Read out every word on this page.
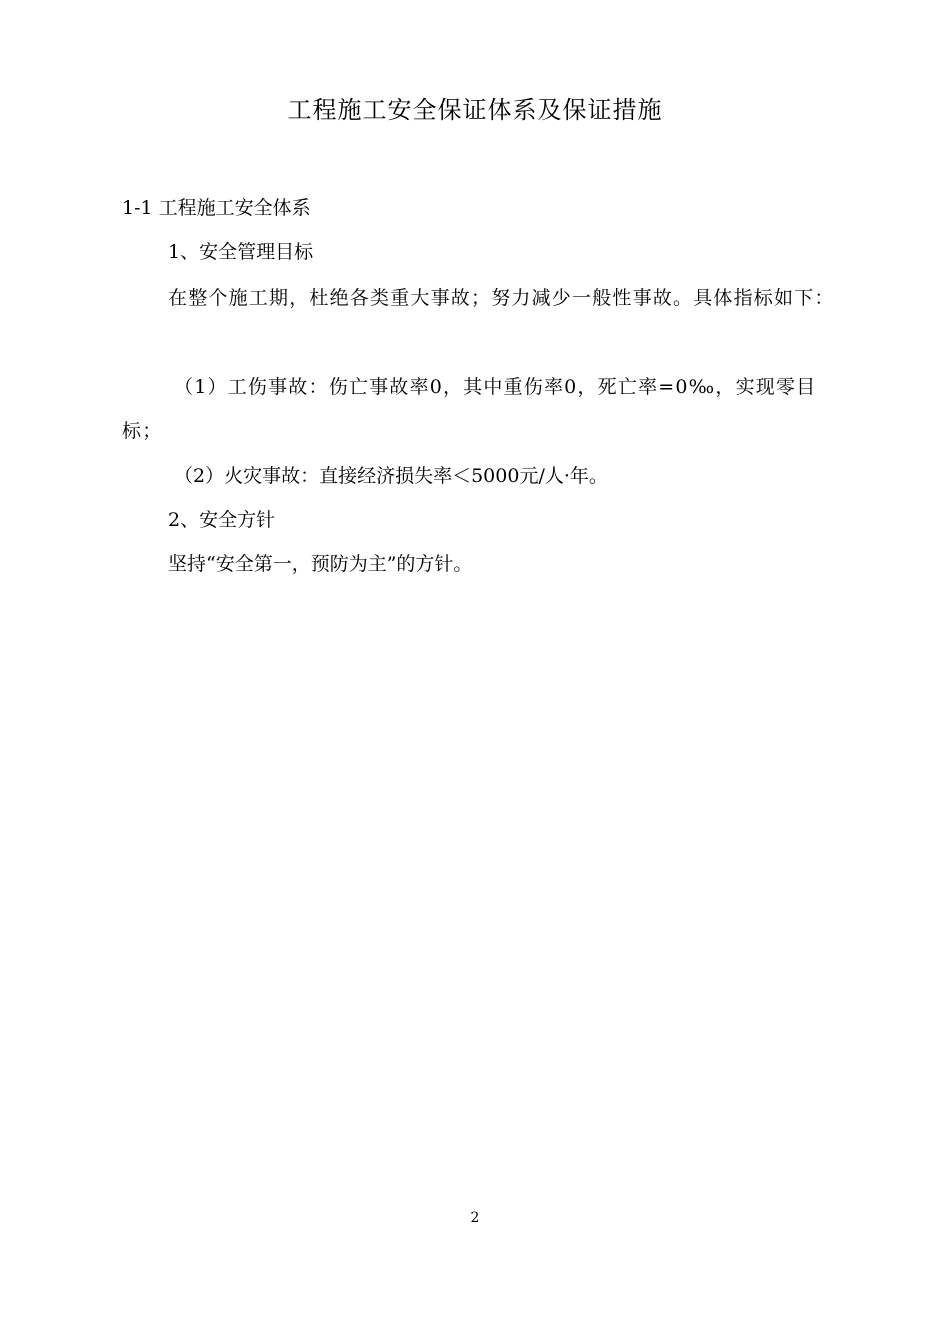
工程施工安全保证体系及保证措施
1-1 工程施工安全体系
1、安全管理目标
在整个施工期，杜绝各类重大事故；努力减少一般性事故。具体指标如下：
（1）工伤事故：伤亡事故率0，其中重伤率0，死亡率=0‰，实现零目标；
（2）火灾事故：直接经济损失率＜5000元/人·年。
2、安全方针
坚持“安全第一，预防为主”的方针。
2
